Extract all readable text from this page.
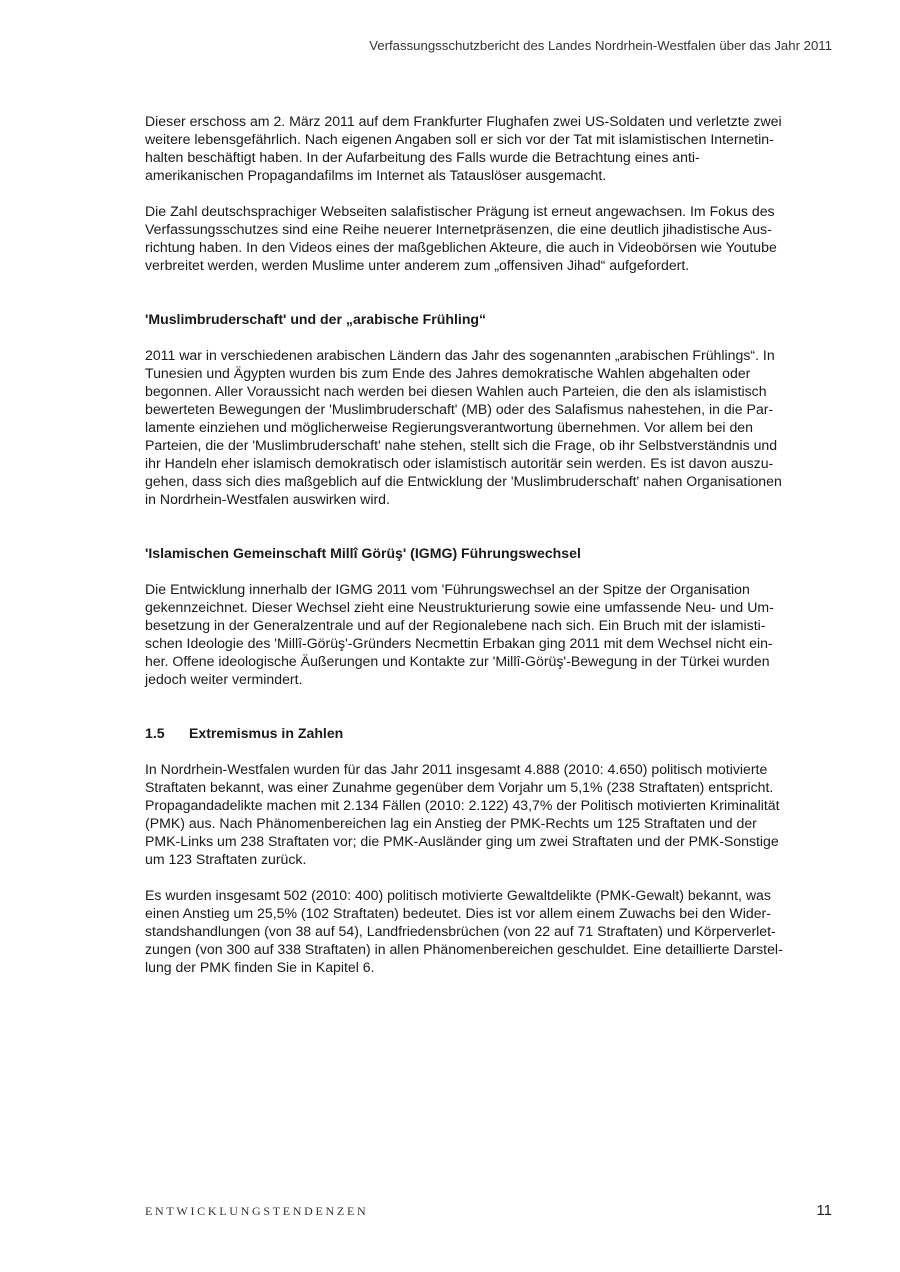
Verfassungsschutzbericht des Landes Nordrhein-Westfalen über das Jahr 2011

Dieser erschoss am 2. März 2011 auf dem Frankfurter Flughafen zwei US-Soldaten und verletzte zwei
weitere lebensgefährlich. Nach eigenen Angaben soll er sich vor der Tat mit islamistischen Internetin-
halten beschäftigt haben. In der Aufarbeitung des Falls wurde die Betrachtung eines anti-
amerikanischen Propagandafilms im Internet als Tatauslöser ausgemacht.

Die Zahl deutschsprachiger Webseiten salafistischer Prägung ist erneut angewachsen. Im Fokus des
Verfassungsschutzes sind eine Reihe neuerer Internetpräsenzen, die eine deutlich jihadistische Aus-
richtung haben. In den Videos eines der maßgeblichen Akteure, die auch in Videobörsen wie Youtube
verbreitet werden, werden Muslime unter anderem zum „offensiven Jihad“ aufgefordert.

'Muslimbruderschaft' und der „arabische Frühling“

2011 war in verschiedenen arabischen Ländern das Jahr des sogenannten „arabischen Frühlings“. In
Tunesien und Ägypten wurden bis zum Ende des Jahres demokratische Wahlen abgehalten oder
begonnen. Aller Voraussicht nach werden bei diesen Wahlen auch Parteien, die den als islamistisch
bewerteten Bewegungen der 'Muslimbruderschaft' (MB) oder des Salafismus nahestehen, in die Par-
lamente einziehen und möglicherweise Regierungsverantwortung übernehmen. Vor allem bei den
Parteien, die der 'Muslimbruderschaft' nahe stehen, stellt sich die Frage, ob ihr Selbstverständnis und
ihr Handeln eher islamisch demokratisch oder islamistisch autoritär sein werden. Es ist davon auszu-
gehen, dass sich dies maßgeblich auf die Entwicklung der 'Muslimbruderschaft' nahen Organisationen
in Nordrhein-Westfalen auswirken wird.

'Islamischen Gemeinschaft Millî Görüş' (IGMG) Führungswechsel

Die Entwicklung innerhalb der IGMG 2011 vom 'Führungswechsel an der Spitze der Organisation
gekennzeichnet. Dieser Wechsel zieht eine Neustrukturierung sowie eine umfassende Neu- und Um-
besetzung in der Generalzentrale und auf der Regionalebene nach sich. Ein Bruch mit der islamisti-
schen Ideologie des 'Millî-Görüş'-Gründers Necmettin Erbakan ging 2011 mit dem Wechsel nicht ein-
her. Offene ideologische Äußerungen und Kontakte zur 'Millî-Görüş'-Bewegung in der Türkei wurden
jedoch weiter vermindert.

1.5 Extremismus in Zahlen

In Nordrhein-Westfalen wurden für das Jahr 2011 insgesamt 4.888 (2010: 4.650) politisch motivierte
Straftaten bekannt, was einer Zunahme gegenüber dem Vorjahr um 5,1% (238 Straftaten) entspricht.
Propagandadelikte machen mit 2.134 Fällen (2010: 2.122) 43,7% der Politisch motivierten Kriminalität
(PMK) aus. Nach Phänomenbereichen lag ein Anstieg der PMK-Rechts um 125 Straftaten und der
PMK-Links um 238 Straftaten vor; die PMK-Ausländer ging um zwei Straftaten und der PMK-Sonstige
um 123 Straftaten zurück.

Es wurden insgesamt 502 (2010: 400) politisch motivierte Gewaltdelikte (PMK-Gewalt) bekannt, was
einen Anstieg um 25,5% (102 Straftaten) bedeutet. Dies ist vor allem einem Zuwachs bei den Wider-
standshandlungen (von 38 auf 54), Landfriedensbrüchen (von 22 auf 71 Straftaten) und Körperverlet-
zungen (von 300 auf 338 Straftaten) in allen Phänomenbereichen geschuldet. Eine detaillierte Darstel-
lung der PMK finden Sie in Kapitel 6.

ENTWICKLUNGSTENDENZEN	11
